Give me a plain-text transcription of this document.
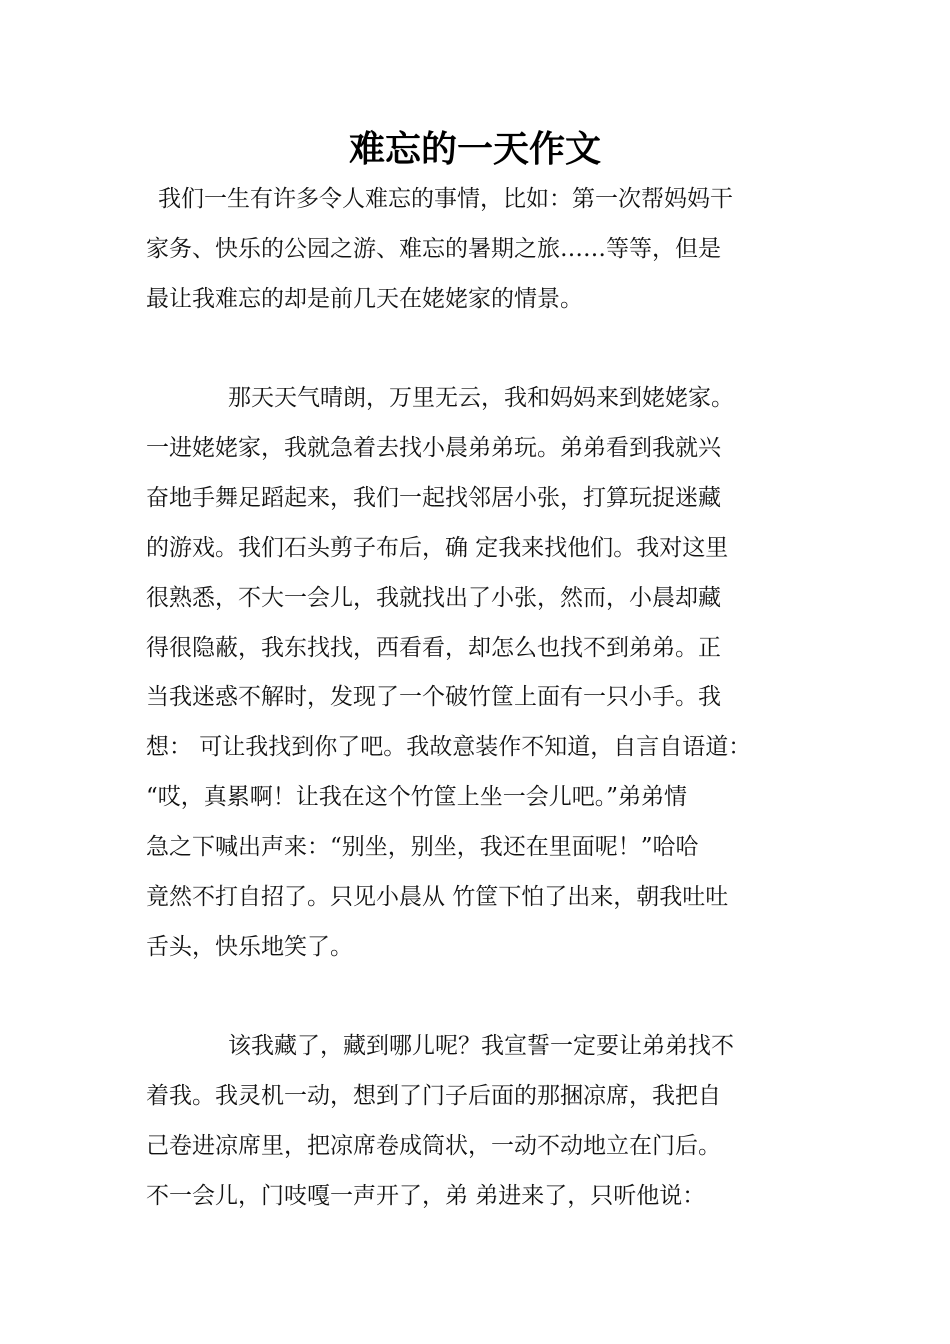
难忘的一天作文
我们一生有许多令人难忘的事情，比如：第一次帮妈妈干
家务、快乐的公园之游、难忘的暑期之旅……等等，但是
最让我难忘的却是前几天在姥姥家的情景。
那天天气晴朗，万里无云，我和妈妈来到姥姥家。
一进姥姥家，我就急着去找小晨弟弟玩。弟弟看到我就兴
奋地手舞足蹈起来，我们一起找邻居小张，打算玩捉迷藏
的游戏。我们石头剪子布后，确 定我来找他们。我对这里
很熟悉，不大一会儿，我就找出了小张，然而，小晨却藏
得很隐蔽，我东找找，西看看，却怎么也找不到弟弟。正
当我迷惑不解时，发现了一个破竹筐上面有一只小手。我
想： 可让我找到你了吧。我故意装作不知道，自言自语道：
“哎，真累啊！让我在这个竹筐上坐一会儿吧。”弟弟情
急之下喊出声来：“别坐，别坐，我还在里面呢！”哈哈
竟然不打自招了。只见小晨从 竹筐下怕了出来，朝我吐吐
舌头，快乐地笑了。
该我藏了，藏到哪儿呢？我宣誓一定要让弟弟找不
着我。我灵机一动，想到了门子后面的那捆凉席，我把自
己卷进凉席里，把凉席卷成筒状，一动不动地立在门后。
不一会儿，门吱嘎一声开了，弟 弟进来了，只听他说：
